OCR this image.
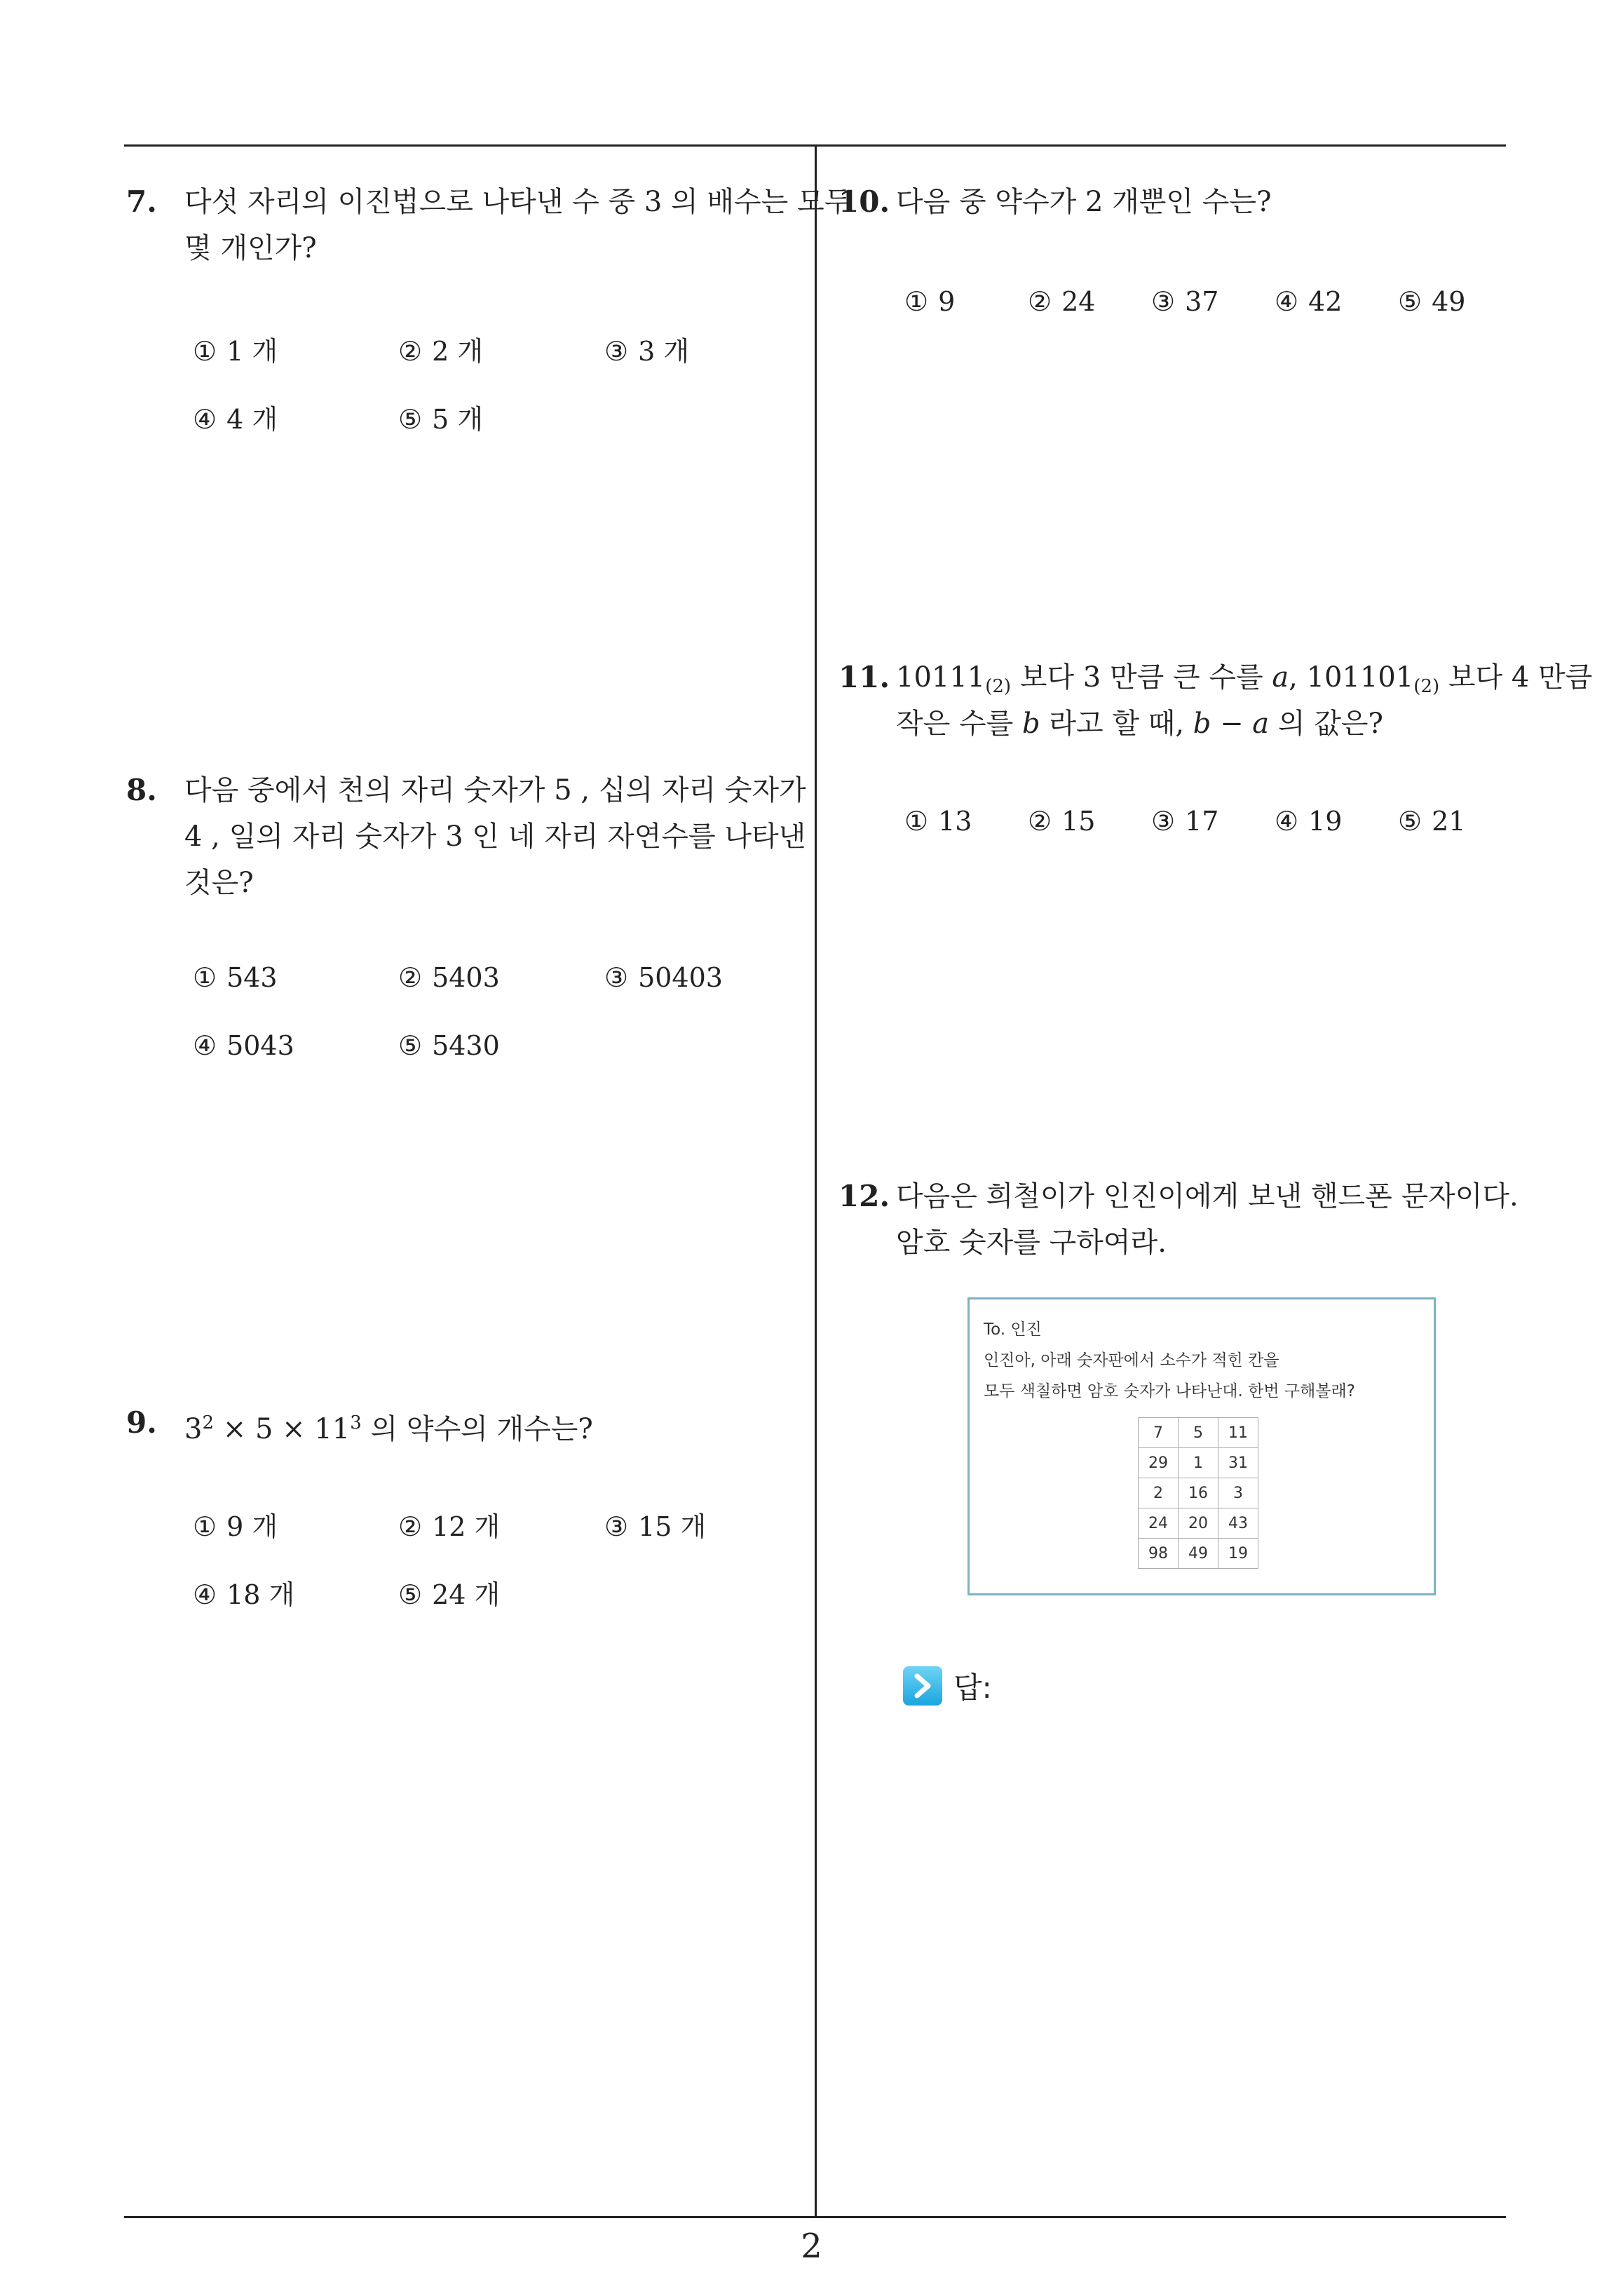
7. 다섯 자리의 이진법으로 나타낸 수 중 3 의 배수는 모두
몇 개인가?
① 1 개	② 2 개	③ 3 개
④ 4 개	⑤ 5 개
8. 다음 중에서 천의 자리 숫자가 5 , 십의 자리 숫자가
4 , 일의 자리 숫자가 3 인 네 자리 자연수를 나타낸
것은?
① 543	② 5403	③ 50403
④ 5043	⑤ 5430
9. $3^2 \times 5 \times 11^3$ 의 약수의 개수는?
① 9 개	② 12 개	③ 15 개
④ 18 개	⑤ 24 개
10. 다음 중 약수가 2 개뿐인 수는?
① 9	② 24 ③ 37 ④ 42 ⑤ 49
11. $10111_{(2)}$ 보다 3 만큼 큰 수를 a, $101101_{(2)}$ 보다 4 만큼
작은 수를 b 라고 할 때, b − a 의 값은?
① 13 ② 15 ③ 17 ④ 19 ⑤ 21
12. 다음은 희철이가 인진이에게 보낸 핸드폰 문자이다.
암호 숫자를 구하여라.
To. 인진
인진아, 아래 숫자판에서 소수가 적힌 칸을
모두 색칠하면 암호 숫자가 나타난대. 한번 구해볼래?
7	5	11
29	1	31
2	16	3
24	20	43
98	49	19
답:
2
